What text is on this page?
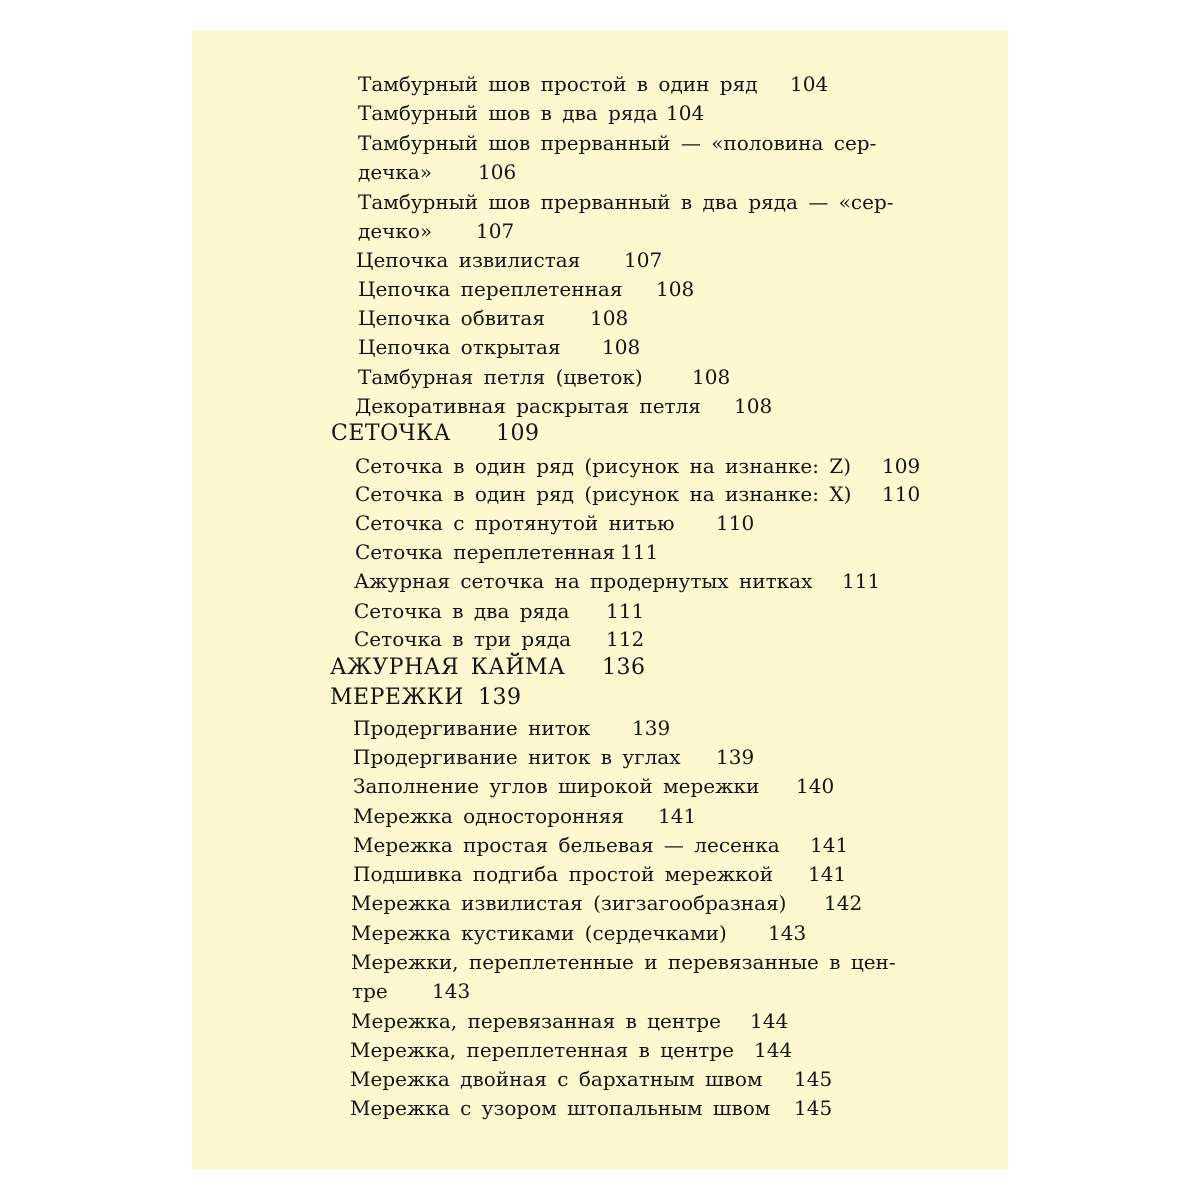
Тамбурный шов простой в один ряд 104
Тамбурный шов в два ряда 104
Тамбурный шов прерванный — «половина сер-
дечка» 106
Тамбурный шов прерванный в два ряда — «сер-
дечко» 107
Цепочка извилистая 107
Цепочка переплетенная 108
Цепочка обвитая 108
Цепочка открытая 108
Тамбурная петля (цветок) 108
Декоративная раскрытая петля 108
СЕТОЧКА 109
Сеточка в один ряд (рисунок на изнанке: Z) 109
Сеточка в один ряд (рисунок на изнанке: X) 110
Сеточка с протянутой нитью 110
Сеточка переплетенная 111
Ажурная сеточка на продернутых нитках 111
Сеточка в два ряда 111
Сеточка в три ряда 112
АЖУРНАЯ КАЙМА 136
МЕРЕЖКИ 139
Продергивание ниток 139
Продергивание ниток в углах 139
Заполнение углов широкой мережки 140
Мережка односторонняя 141
Мережка простая бельевая — лесенка 141
Подшивка подгиба простой мережкой 141
Мережка извилистая (зигзагообразная) 142
Мережка кустиками (сердечками) 143
Мережки, переплетенные и перевязанные в цен-
тре 143
Мережка, перевязанная в центре 144
Мережка, переплетенная в центре 144
Мережка двойная с бархатным швом 145
Мережка с узором штопальным швом 145
